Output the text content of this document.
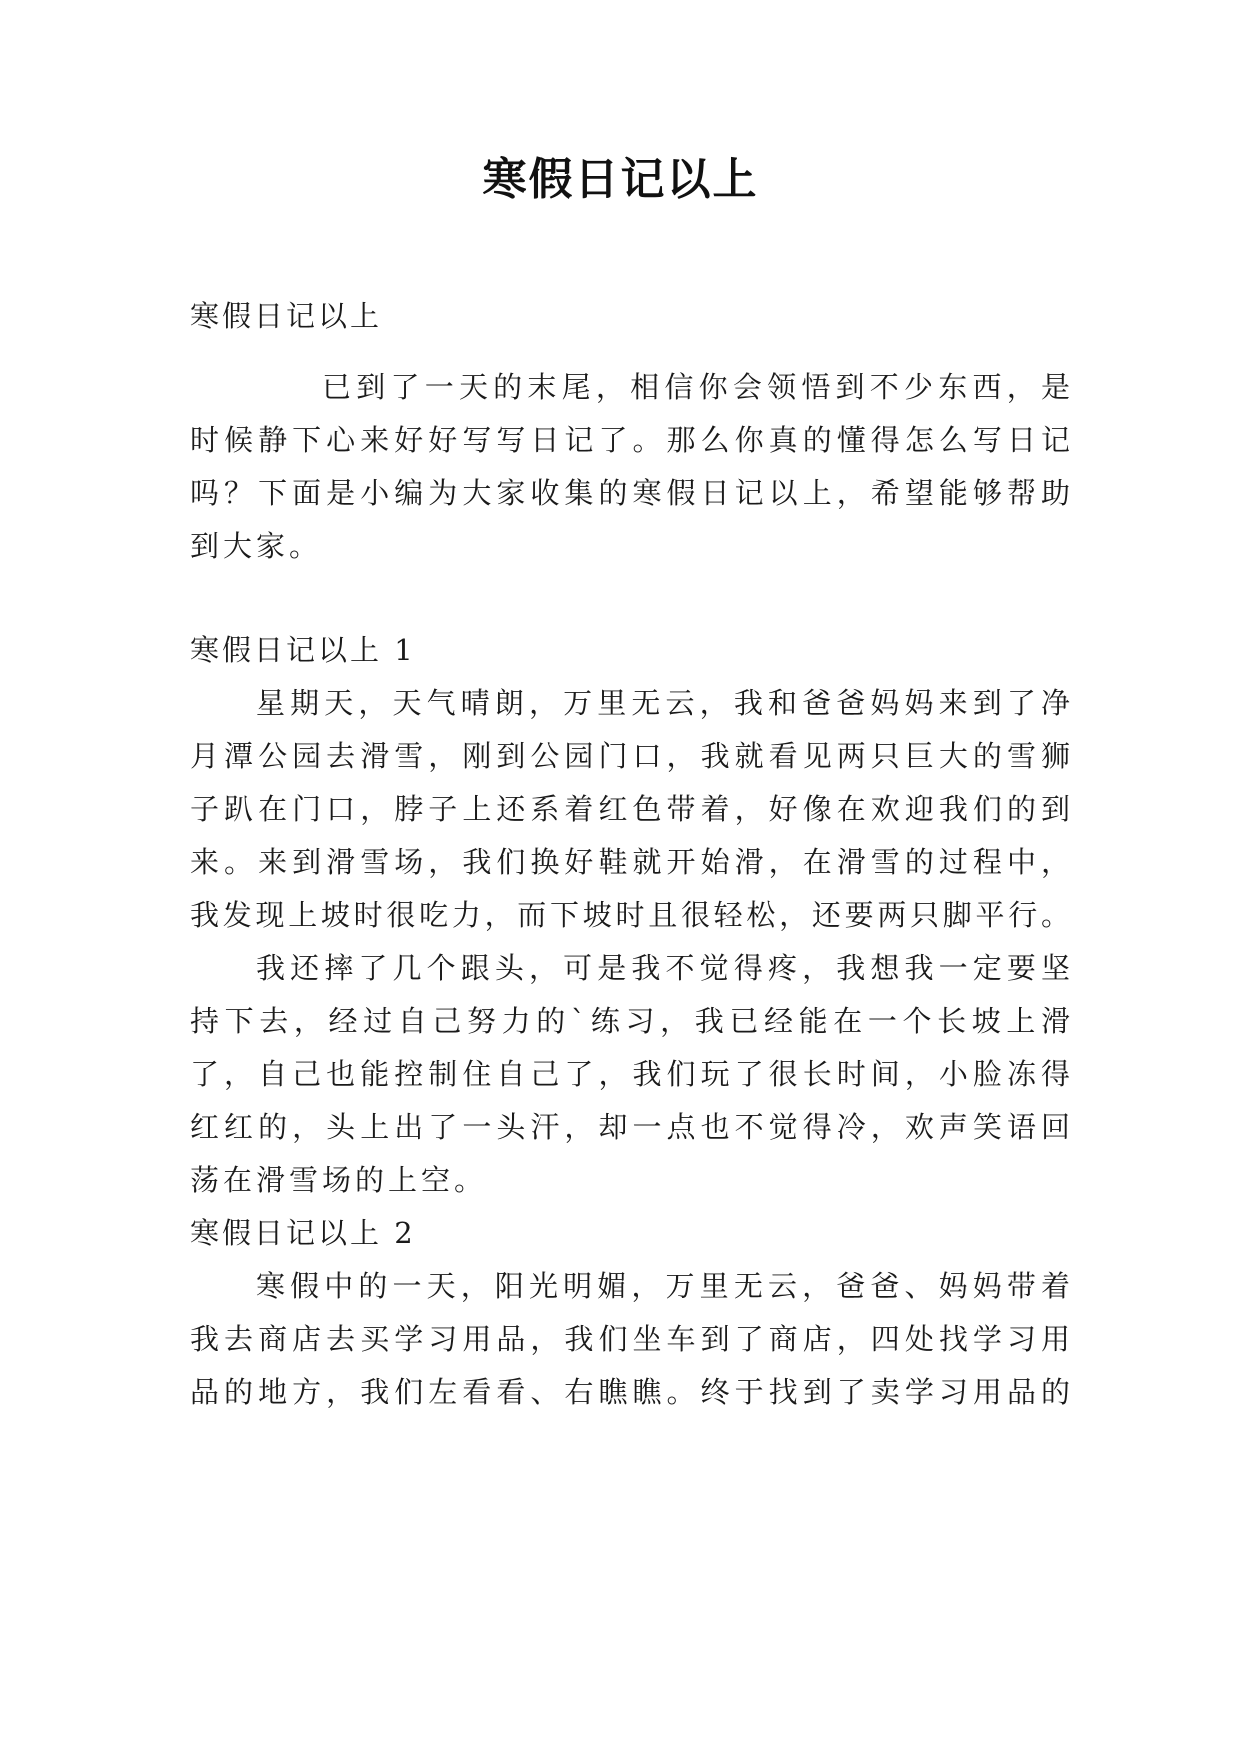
寒假日记以上
寒假日记以上
已到了一天的末尾，相信你会领悟到不少东西，是
时候静下心来好好写写日记了。那么你真的懂得怎么写日记
吗？下面是小编为大家收集的寒假日记以上，希望能够帮助
到大家。
寒假日记以上 1
星期天，天气晴朗，万里无云，我和爸爸妈妈来到了净
月潭公园去滑雪，刚到公园门口，我就看见两只巨大的雪狮
子趴在门口，脖子上还系着红色带着，好像在欢迎我们的到
来。来到滑雪场，我们换好鞋就开始滑，在滑雪的过程中，
我发现上坡时很吃力，而下坡时且很轻松，还要两只脚平行。
我还摔了几个跟头，可是我不觉得疼，我想我一定要坚
持下去，经过自己努力的`练习，我已经能在一个长坡上滑
了，自己也能控制住自己了，我们玩了很长时间，小脸冻得
红红的，头上出了一头汗，却一点也不觉得冷，欢声笑语回
荡在滑雪场的上空。
寒假日记以上 2
寒假中的一天，阳光明媚，万里无云，爸爸、妈妈带着
我去商店去买学习用品，我们坐车到了商店，四处找学习用
品的地方，我们左看看、右瞧瞧。终于找到了卖学习用品的
